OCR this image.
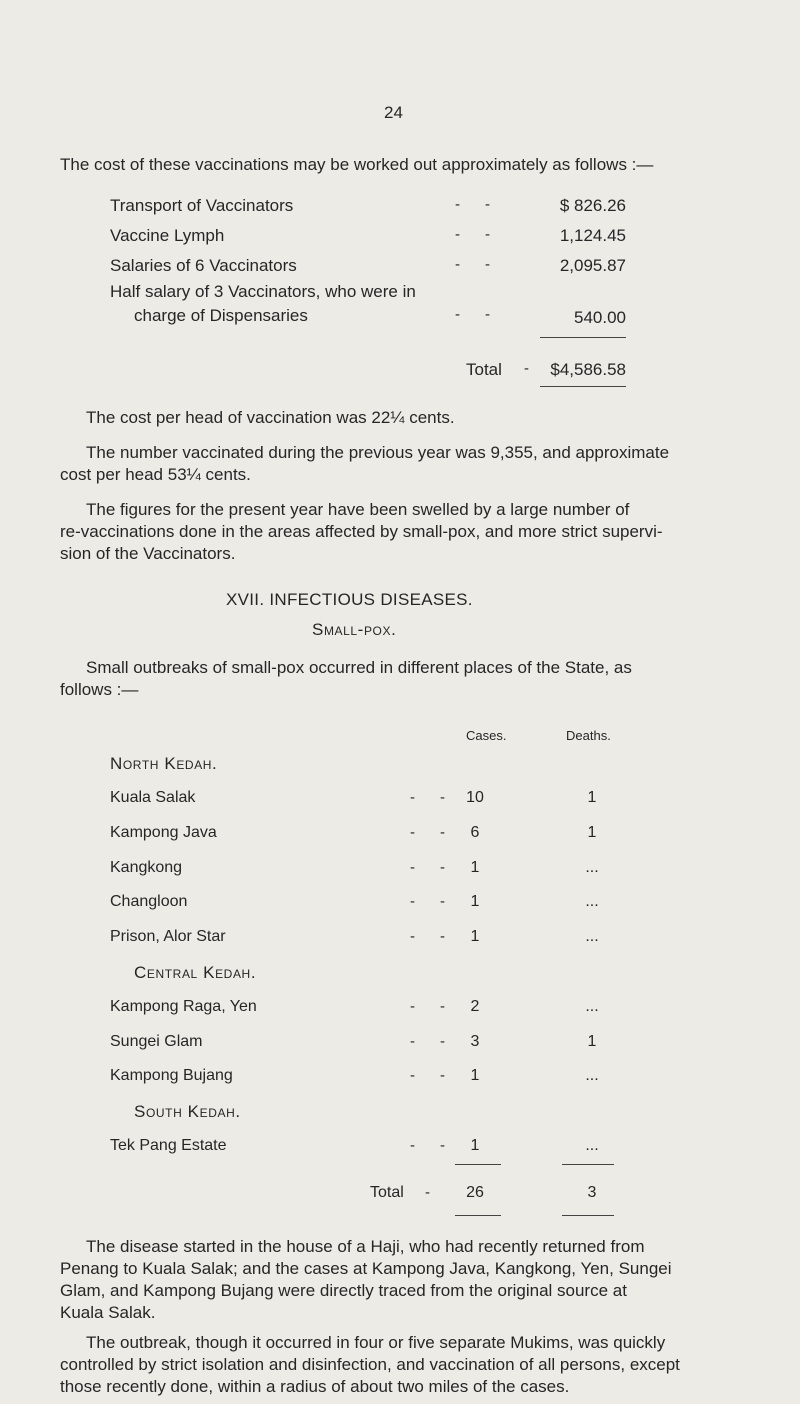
24
The cost of these vaccinations may be worked out approximately as follows :—
Transport of Vaccinators	-      -	$ 826.26
Vaccine Lymph	-      -	1,124.45
Salaries of 6 Vaccinators	-      -	2,095.87
Half salary of 3 Vaccinators, who were in
charge of Dispensaries	-      -	540.00
Total -	$4,586.58
The cost per head of vaccination was 22¼ cents.
The number vaccinated during the previous year was 9,355, and approximate
cost per head 53¼ cents.
The figures for the present year have been swelled by a large number of
re-vaccinations done in the areas affected by small-pox, and more strict supervi-
sion of the Vaccinators.
XVII. INFECTIOUS DISEASES.
Small-pox.
Small outbreaks of small-pox occurred in different places of the State, as
follows :—
Cases.	Deaths.
North Kedah.
Kuala Salak	-      -	10	1
Kampong Java	-      -	6	1
Kangkong	-      -	1	...
Changloon	-      -	1	...
Prison, Alor Star	-      -	1	...
Central Kedah.
Kampong Raga, Yen	-      -	2	...
Sungei Glam	-      -	3	1
Kampong Bujang	-      -	1	...
South Kedah.
Tek Pang Estate	-      -	1	...
Total -	26	3
The disease started in the house of a Haji, who had recently returned from
Penang to Kuala Salak; and the cases at Kampong Java, Kangkong, Yen, Sungei
Glam, and Kampong Bujang were directly traced from the original source at
Kuala Salak.
The outbreak, though it occurred in four or five separate Mukims, was quickly
controlled by strict isolation and disinfection, and vaccination of all persons, except
those recently done, within a radius of about two miles of the cases.
